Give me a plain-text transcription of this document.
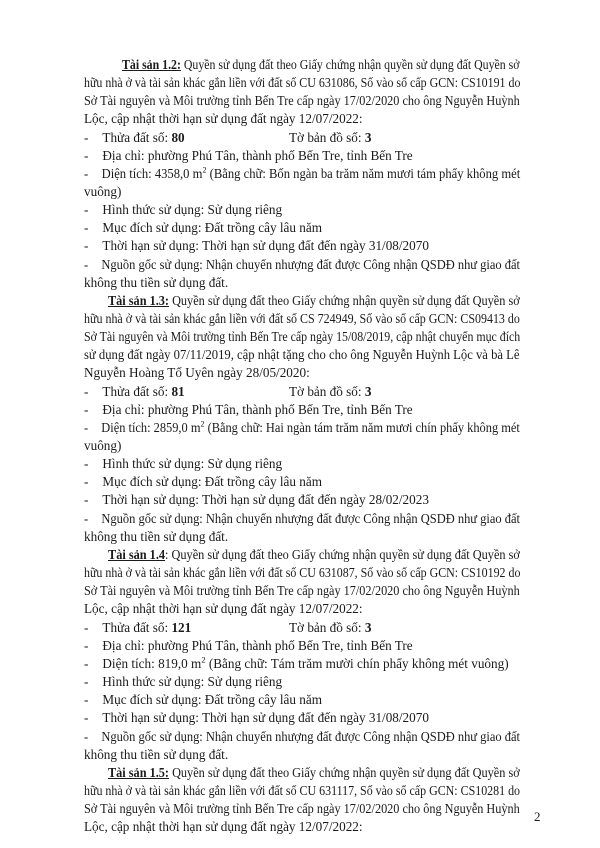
Tài sản 1.2: Quyền sử dụng đất theo Giấy chứng nhận quyền sử dụng đất Quyền sở
hữu nhà ở và tài sản khác gắn liền với đất số CU 631086, Số vào sổ cấp GCN: CS10191 do
Sở Tài nguyên và Môi trường tỉnh Bến Tre cấp ngày 17/02/2020 cho ông Nguyễn Huỳnh
Lộc, cập nhật thời hạn sử dụng đất ngày 12/07/2022:
- Thửa đất số: 80	Tờ bản đồ số: 3
- Địa chỉ: phường Phú Tân, thành phố Bến Tre, tỉnh Bến Tre
- Diện tích: 4358,0 $m^2$ (Bằng chữ: Bốn ngàn ba trăm năm mươi tám phẩy không mét
vuông)
- Hình thức sử dụng: Sử dụng riêng
- Mục đích sử dụng: Đất trồng cây lâu năm
- Thời hạn sử dụng: Thời hạn sử dụng đất đến ngày 31/08/2070
- Nguồn gốc sử dụng: Nhận chuyển nhượng đất được Công nhận QSDĐ như giao đất
không thu tiền sử dụng đất.
Tài sản 1.3: Quyền sử dụng đất theo Giấy chứng nhận quyền sử dụng đất Quyền sở
hữu nhà ở và tài sản khác gắn liền với đất số CS 724949, Số vào sổ cấp GCN: CS09413 do
Sở Tài nguyên và Môi trường tỉnh Bến Tre cấp ngày 15/08/2019, cập nhật chuyển mục đích
sử dụng đất ngày 07/11/2019, cập nhật tặng cho cho ông Nguyễn Huỳnh Lộc và bà Lê
Nguyễn Hoàng Tố Uyên ngày 28/05/2020:
- Thửa đất số: 81	Tờ bản đồ số: 3
- Địa chỉ: phường Phú Tân, thành phố Bến Tre, tỉnh Bến Tre
- Diện tích: 2859,0 $m^2$ (Bằng chữ: Hai ngàn tám trăm năm mươi chín phẩy không mét
vuông)
- Hình thức sử dụng: Sử dụng riêng
- Mục đích sử dụng: Đất trồng cây lâu năm
- Thời hạn sử dụng: Thời hạn sử dụng đất đến ngày 28/02/2023
- Nguồn gốc sử dụng: Nhận chuyển nhượng đất được Công nhận QSDĐ như giao đất
không thu tiền sử dụng đất.
Tài sản 1.4: Quyền sử dụng đất theo Giấy chứng nhận quyền sử dụng đất Quyền sở
hữu nhà ở và tài sản khác gắn liền với đất số CU 631087, Số vào sổ cấp GCN: CS10192 do
Sở Tài nguyên và Môi trường tỉnh Bến Tre cấp ngày 17/02/2020 cho ông Nguyễn Huỳnh
Lộc, cập nhật thời hạn sử dụng đất ngày 12/07/2022:
- Thửa đất số: 121	Tờ bản đồ số: 3
- Địa chỉ: phường Phú Tân, thành phố Bến Tre, tỉnh Bến Tre
- Diện tích: 819,0 $m^2$ (Bằng chữ: Tám trăm mười chín phẩy không mét vuông)
- Hình thức sử dụng: Sử dụng riêng
- Mục đích sử dụng: Đất trồng cây lâu năm
- Thời hạn sử dụng: Thời hạn sử dụng đất đến ngày 31/08/2070
- Nguồn gốc sử dụng: Nhận chuyển nhượng đất được Công nhận QSDĐ như giao đất
không thu tiền sử dụng đất.
Tài sản 1.5: Quyền sử dụng đất theo Giấy chứng nhận quyền sử dụng đất Quyền sở
hữu nhà ở và tài sản khác gắn liền với đất số CU 631117, Số vào sổ cấp GCN: CS10281 do
Sở Tài nguyên và Môi trường tỉnh Bến Tre cấp ngày 17/02/2020 cho ông Nguyễn Huỳnh
Lộc, cập nhật thời hạn sử dụng đất ngày 12/07/2022:
2
